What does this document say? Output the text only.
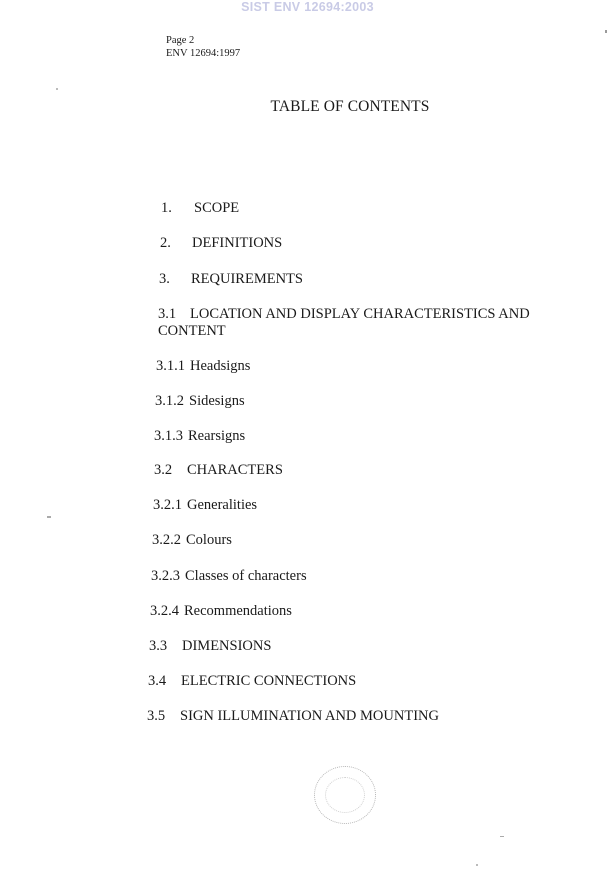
SIST ENV 12694:2003
Page 2
ENV 12694:1997
TABLE OF CONTENTS
1. SCOPE
2. DEFINITIONS
3. REQUIREMENTS
3.1 LOCATION AND DISPLAY CHARACTERISTICS AND
CONTENT
3.1.1 Headsigns
3.1.2 Sidesigns
3.1.3 Rearsigns
3.2 CHARACTERS
3.2.1 Generalities
3.2.2 Colours
3.2.3 Classes of characters
3.2.4 Recommendations
3.3 DIMENSIONS
3.4 ELECTRIC CONNECTIONS
3.5 SIGN ILLUMINATION AND MOUNTING
